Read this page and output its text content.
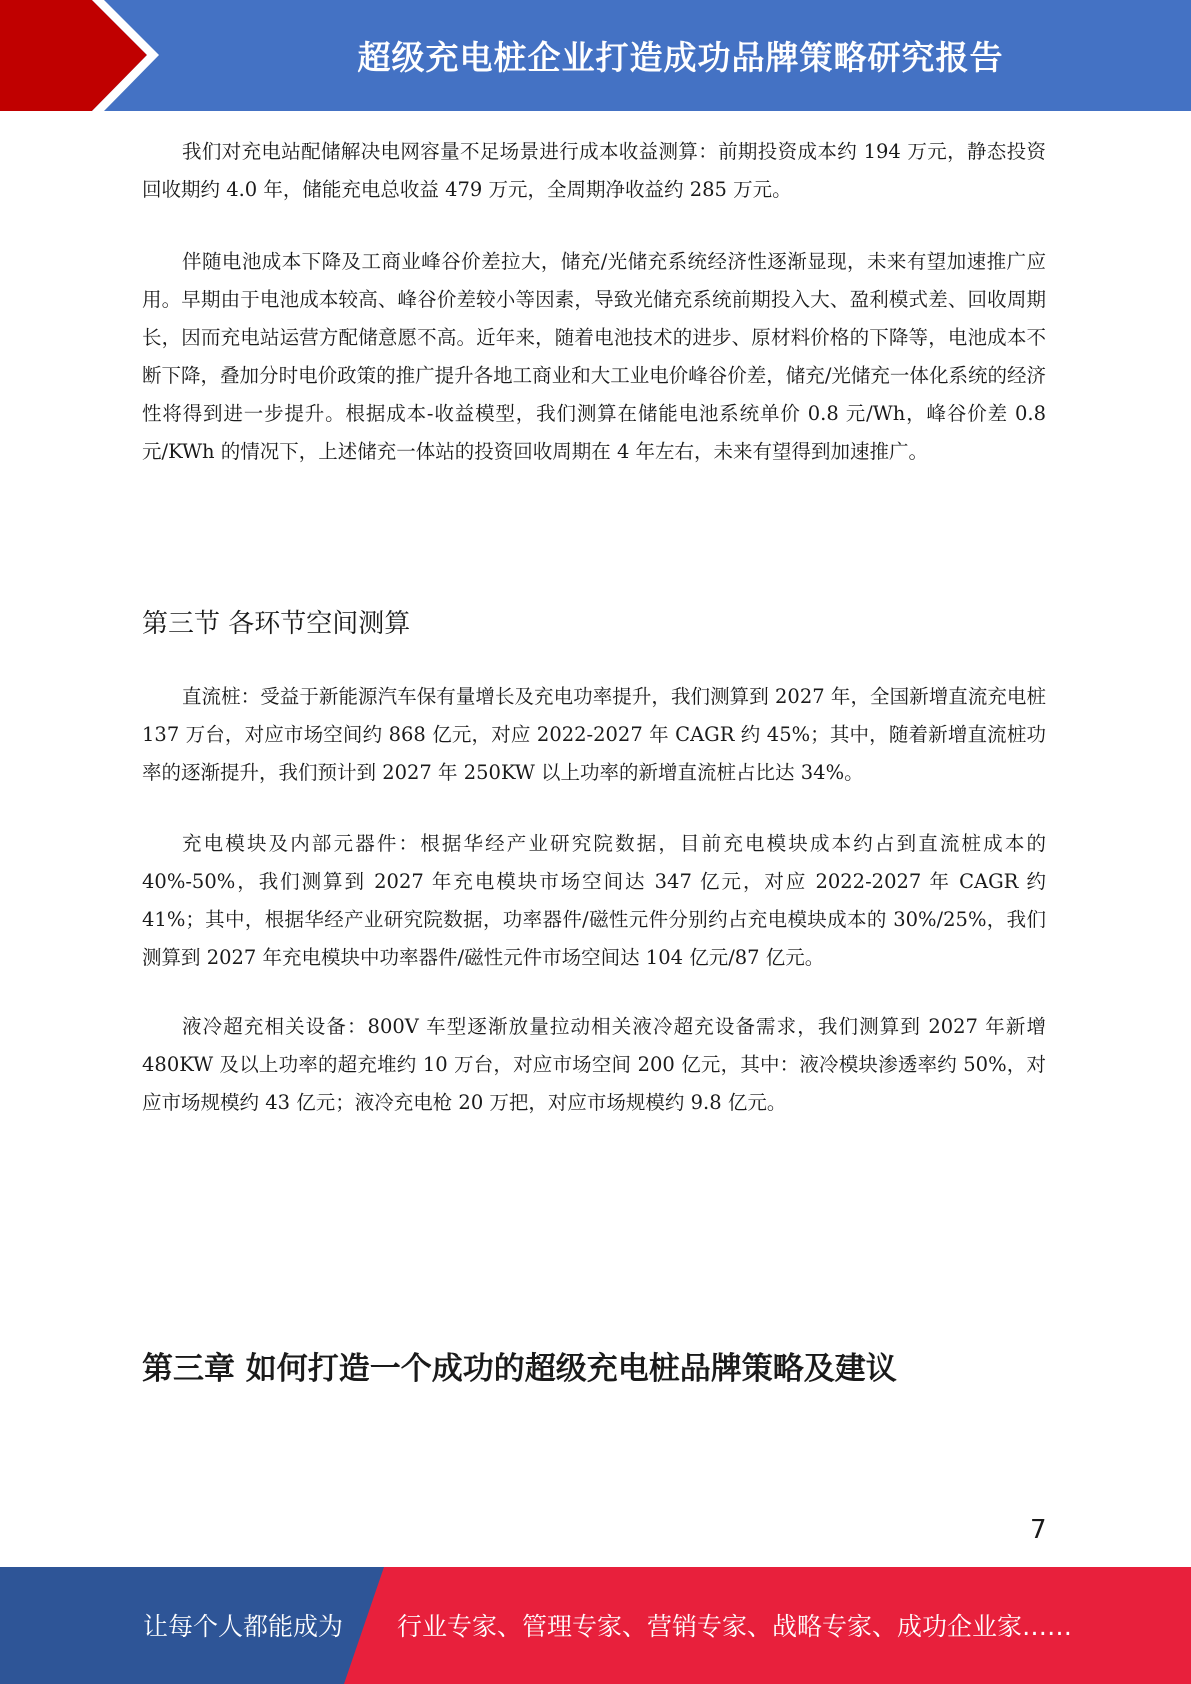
超级充电桩企业打造成功品牌策略研究报告

我们对充电站配储解决电网容量不足场景进行成本收益测算：前期投资成本约 194 万元，静态投资回收期约 4.0 年，储能充电总收益 479 万元，全周期净收益约 285 万元。

伴随电池成本下降及工商业峰谷价差拉大，储充/光储充系统经济性逐渐显现，未来有望加速推广应用。早期由于电池成本较高、峰谷价差较小等因素，导致光储充系统前期投入大、盈利模式差、回收周期长，因而充电站运营方配储意愿不高。近年来，随着电池技术的进步、原材料价格的下降等，电池成本不断下降，叠加分时电价政策的推广提升各地工商业和大工业电价峰谷价差，储充/光储充一体化系统的经济性将得到进一步提升。根据成本-收益模型，我们测算在储能电池系统单价 0.8 元/Wh，峰谷价差 0.8 元/KWh 的情况下，上述储充一体站的投资回收周期在 4 年左右，未来有望得到加速推广。

第三节 各环节空间测算

直流桩：受益于新能源汽车保有量增长及充电功率提升，我们测算到 2027 年，全国新增直流充电桩 137 万台，对应市场空间约 868 亿元，对应 2022-2027 年 CAGR 约 45%；其中，随着新增直流桩功率的逐渐提升，我们预计到 2027 年 250KW 以上功率的新增直流桩占比达 34%。

充电模块及内部元器件：根据华经产业研究院数据，目前充电模块成本约占到直流桩成本的 40%-50%，我们测算到 2027 年充电模块市场空间达 347 亿元，对应 2022-2027 年 CAGR 约 41%；其中，根据华经产业研究院数据，功率器件/磁性元件分别约占充电模块成本的 30%/25%，我们测算到 2027 年充电模块中功率器件/磁性元件市场空间达 104 亿元/87 亿元。

液冷超充相关设备：800V 车型逐渐放量拉动相关液冷超充设备需求，我们测算到 2027 年新增 480KW 及以上功率的超充堆约 10 万台，对应市场空间 200 亿元，其中：液冷模块渗透率约 50%，对应市场规模约 43 亿元；液冷充电枪 20 万把，对应市场规模约 9.8 亿元。

第三章 如何打造一个成功的超级充电桩品牌策略及建议
7
让每个人都能成为 行业专家、管理专家、营销专家、战略专家、成功企业家……
